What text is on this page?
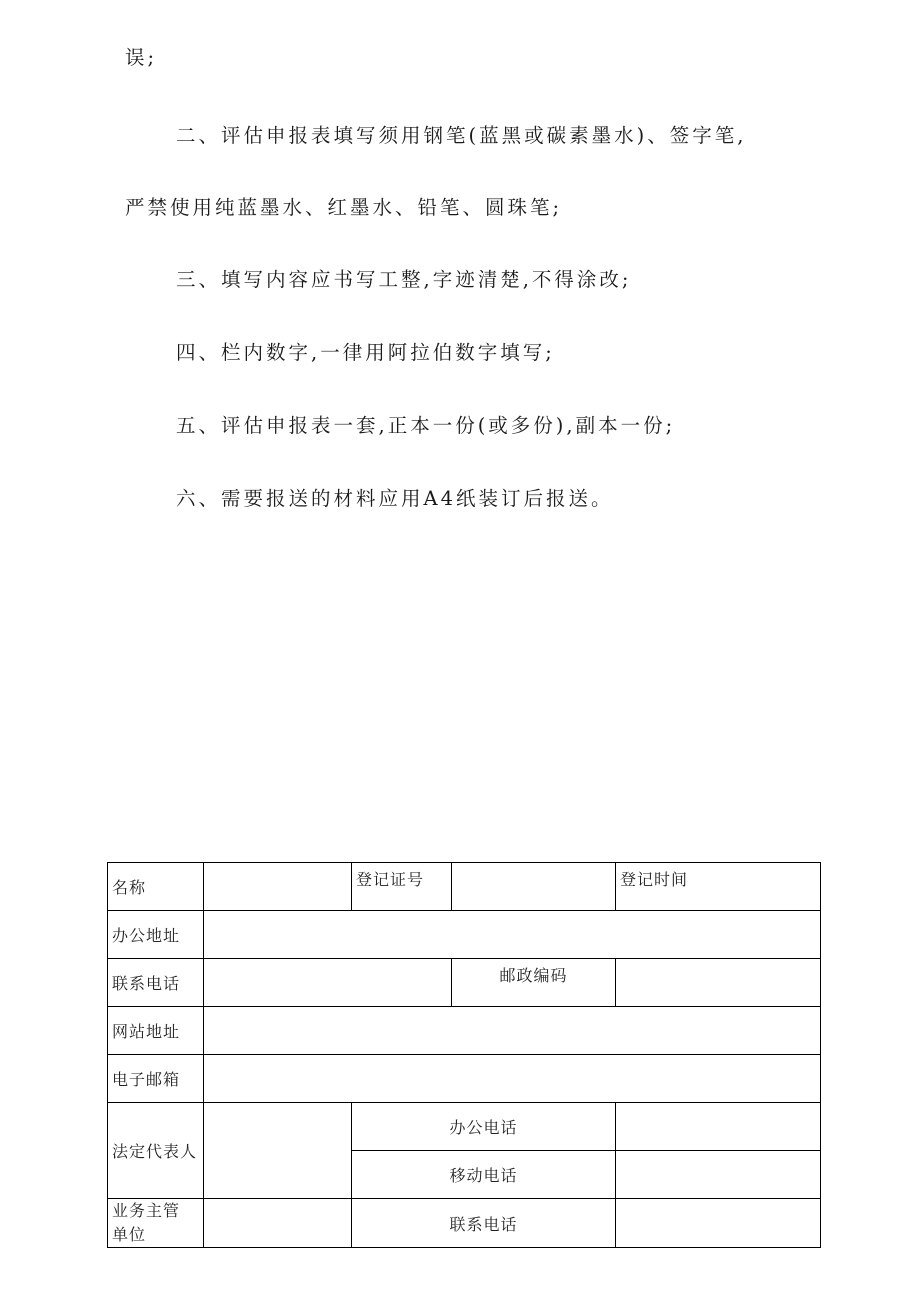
误;
二、评估申报表填写须用钢笔(蓝黑或碳素墨水)、签字笔,
严禁使用纯蓝墨水、红墨水、铅笔、圆珠笔;
三、填写内容应书写工整,字迹清楚,不得涂改;
四、栏内数字,一律用阿拉伯数字填写;
五、评估申报表一套,正本一份(或多份),副本一份;
六、需要报送的材料应用A4纸装订后报送。
名称		登记证号		登记时间
办公地址				
联系电话			邮政编码	
网站地址				
电子邮箱				
法定代表人		办公电话		
		移动电话		

业务主管
单位		联系电话		
